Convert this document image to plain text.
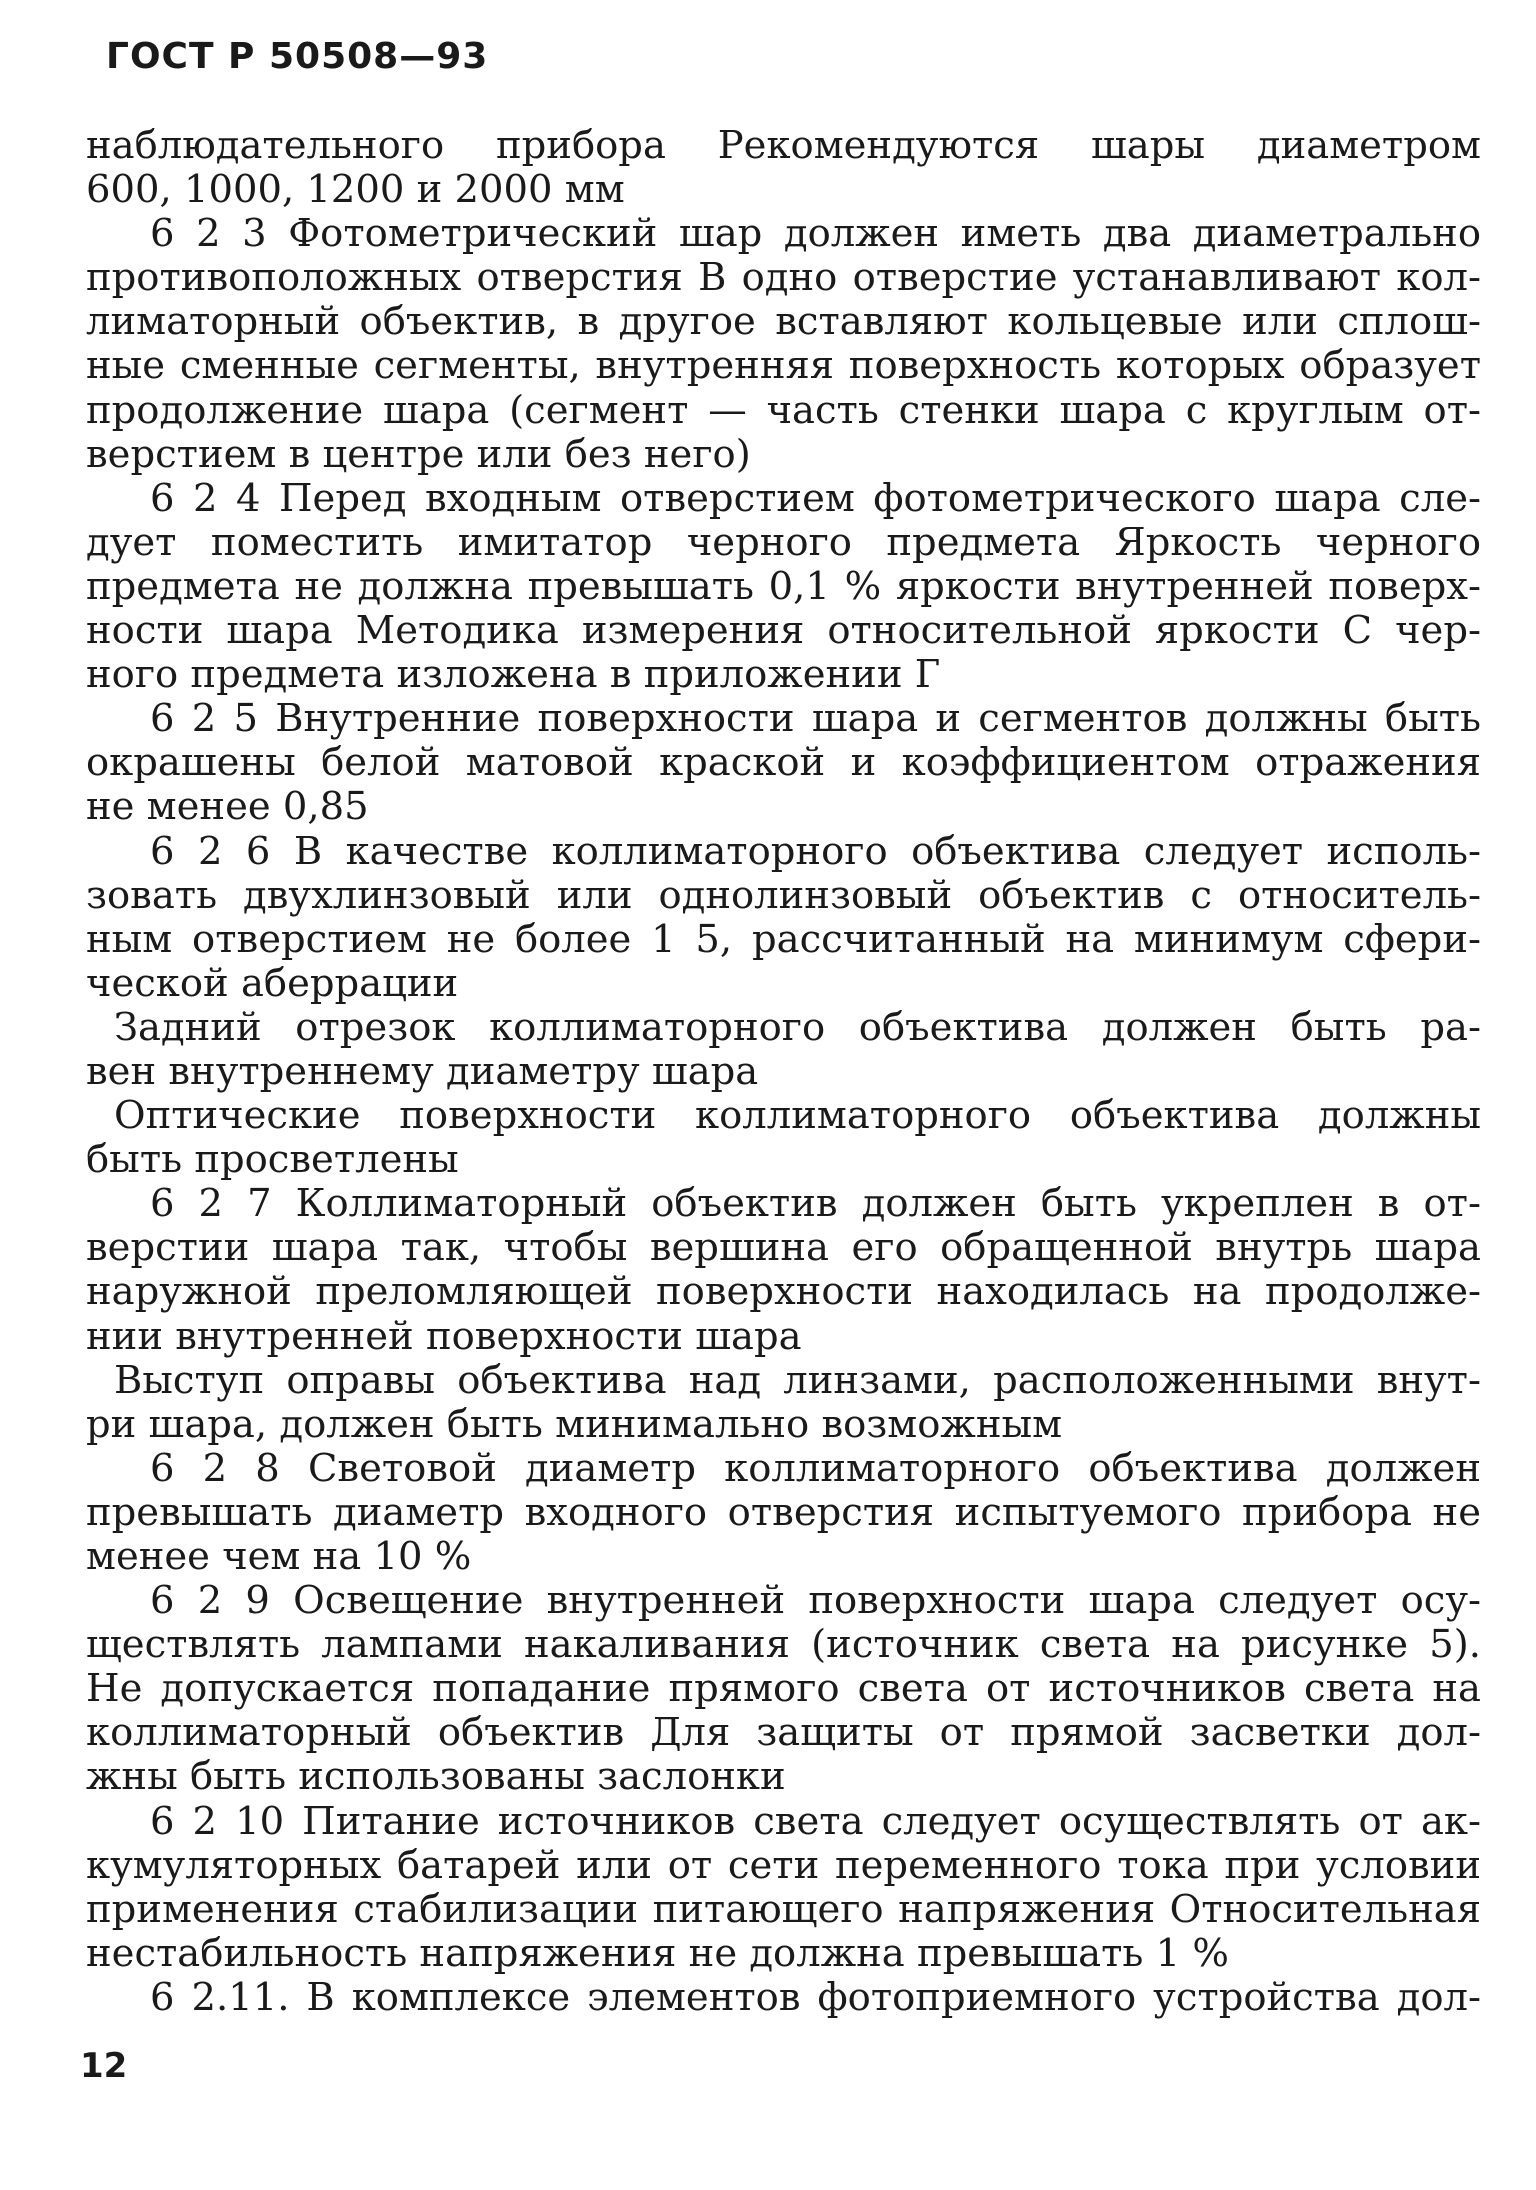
ГОСТ Р 50508—93
наблюдательного прибора Рекомендуются шары диаметром
600, 1000, 1200 и 2000 мм
6 2 3 Фотометрический шар должен иметь два диаметрально
противоположных отверстия В одно отверстие устанавливают кол-
лиматорный объектив, в другое вставляют кольцевые или сплош-
ные сменные сегменты, внутренняя поверхность которых образует
продолжение шара (сегмент — часть стенки шара с круглым от-
верстием в центре или без него)
6 2 4 Перед входным отверстием фотометрического шара сле-
дует поместить имитатор черного предмета Яркость черного
предмета не должна превышать 0,1 % яркости внутренней поверх-
ности шара Методика измерения относительной яркости С чер-
ного предмета изложена в приложении Г
6 2 5 Внутренние поверхности шара и сегментов должны быть
окрашены белой матовой краской и коэффициентом отражения
не менее 0,85
6 2 6 В качестве коллиматорного объектива следует исполь-
зовать двухлинзовый или однолинзовый объектив с относитель-
ным отверстием не более 1 5, рассчитанный на минимум сфери-
ческой аберрации
Задний отрезок коллиматорного объектива должен быть ра-
вен внутреннему диаметру шара
Оптические поверхности коллиматорного объектива должны
быть просветлены
6 2 7 Коллиматорный объектив должен быть укреплен в от-
верстии шара так, чтобы вершина его обращенной внутрь шара
наружной преломляющей поверхности находилась на продолже-
нии внутренней поверхности шара
Выступ оправы объектива над линзами, расположенными внут-
ри шара, должен быть минимально возможным
6 2 8 Световой диаметр коллиматорного объектива должен
превышать диаметр входного отверстия испытуемого прибора не
менее чем на 10 %
6 2 9 Освещение внутренней поверхности шара следует осу-
ществлять лампами накаливания (источник света на рисунке 5).
Не допускается попадание прямого света от источников света на
коллиматорный объектив Для защиты от прямой засветки дол-
жны быть использованы заслонки
6 2 10 Питание источников света следует осуществлять от ак-
кумуляторных батарей или от сети переменного тока при условии
применения стабилизации питающего напряжения Относительная
нестабильность напряжения не должна превышать 1 %
6 2.11. В комплексе элементов фотоприемного устройства дол-
12
